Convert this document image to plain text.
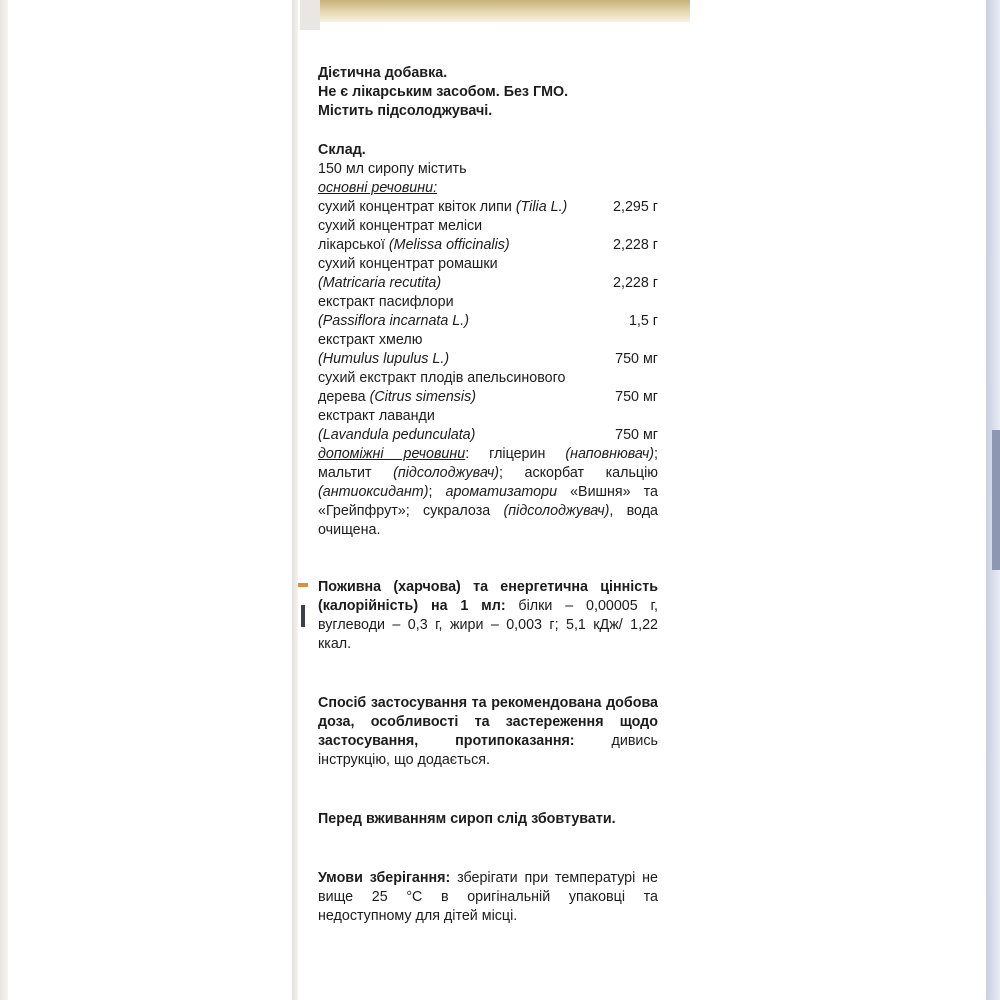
Дієтична добавка.

Не є лікарським засобом. Без ГМО.

Містить підсолоджувачі.

Склад.

150 мл сиропу містить

основні речовини:

сухий концентрат квіток липи (Tilia L.)	2,295 г

сухий концентрат меліси

лікарської (Melissa officinalis)	2,228 г

сухий концентрат ромашки

(Matricaria recutita)	2,228 г

екстракт пасифлори

(Passiflora incarnata L.)	1,5 г

екстракт хмелю

(Humulus lupulus L.)	750 мг

сухий екстракт плодів апельсинового

дерева (Citrus simensis)	750 мг

екстракт лаванди

(Lavandula pedunculata)	750 мг

допоміжні речовини: гліцерин (наповнювач); мальтит (підсолоджувач); аскорбат кальцію (антиоксидант); ароматизатори «Вишня» та «Грейпфрут»; сукралоза (підсолоджувач), вода очищена.

Поживна (харчова) та енергетична цінність (калорійність) на 1 мл: білки – 0,00005 г, вуглеводи – 0,3 г, жири – 0,003 г; 5,1 кДж/ 1,22 ккал.

Спосіб застосування та рекомендована добова доза, особливості та застереження щодо застосування, протипоказання: дивись інструкцію, що додається.

Перед вживанням сироп слід збовтувати.

Умови зберігання: зберігати при температурі не вище 25 °С в оригінальній упаковці та недоступному для дітей місці.
